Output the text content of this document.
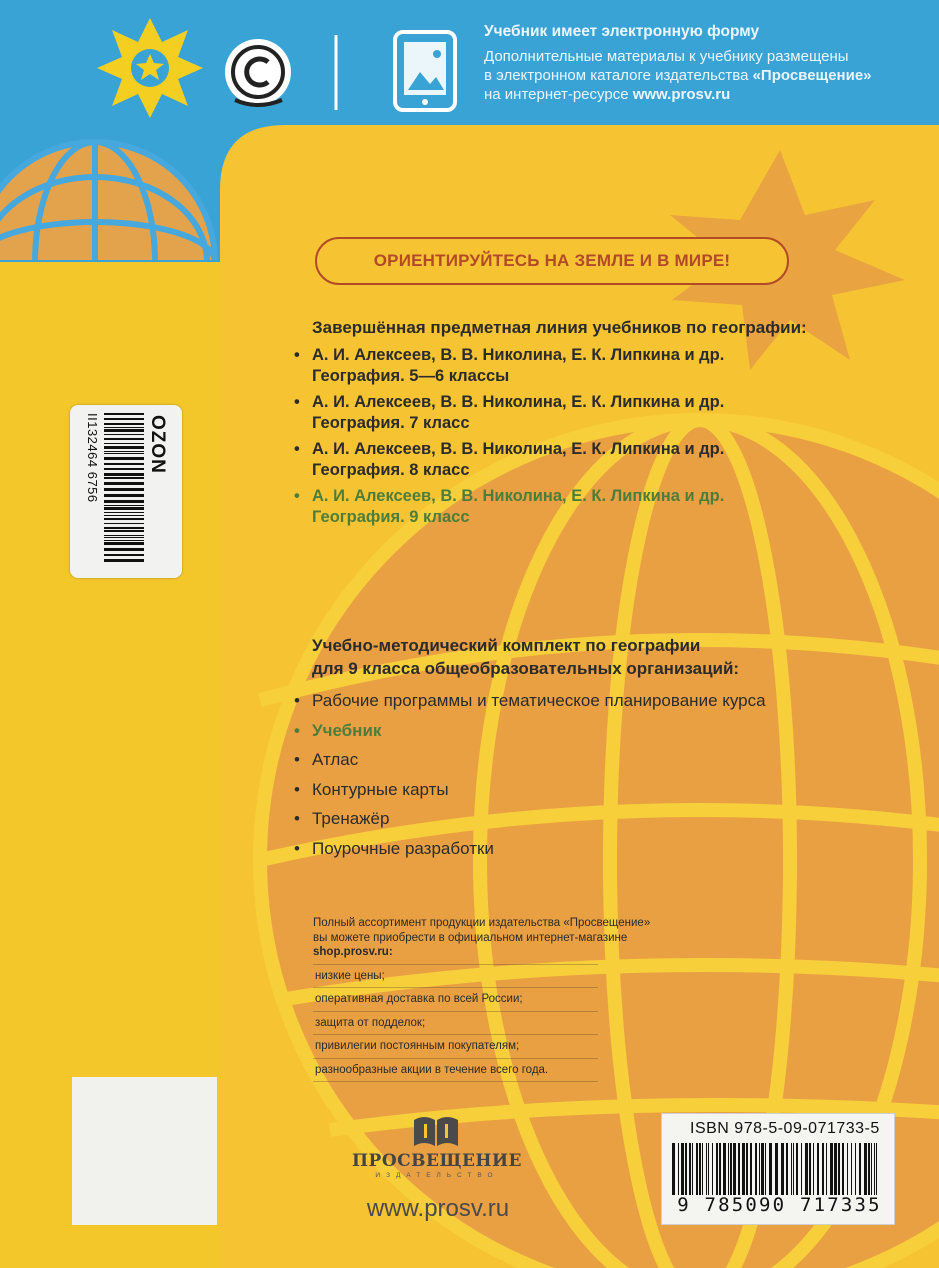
Учебник имеет электронную форму
Дополнительные материалы к учебнику размещены
в электронном каталоге издательства «Просвещение»
на интернет-ресурсе www.prosv.ru
ОРИЕНТИРУЙТЕСЬ НА ЗЕМЛЕ И В МИРЕ!
Завершённая предметная линия учебников по географии:
• А. И. Алексеев, В. В. Николина, Е. К. Липкина и др.
География. 5—6 классы
• А. И. Алексеев, В. В. Николина, Е. К. Липкина и др.
География. 7 класс
• А. И. Алексеев, В. В. Николина, Е. К. Липкина и др.
География. 8 класс
• А. И. Алексеев, В. В. Николина, Е. К. Липкина и др.
География. 9 класс
Учебно-методический комплект по географии
для 9 класса общеобразовательных организаций:
• Рабочие программы и тематическое планирование курса
• Учебник
• Атлас
• Контурные карты
• Тренажёр
• Поурочные разработки
Полный ассортимент продукции издательства «Просвещение»
вы можете приобрести в официальном интернет-магазине
shop.prosv.ru:
низкие цены;
оперативная доставка по всей России;
защита от подделок;
привилегии постоянным покупателям;
разнообразные акции в течение всего года.
OZON
II132464 6756
ISBN 978-5-09-071733-5
9 785090 717335
ПРОСВЕЩЕНИЕ
ИЗДАТЕЛЬСТВО
www.prosv.ru
